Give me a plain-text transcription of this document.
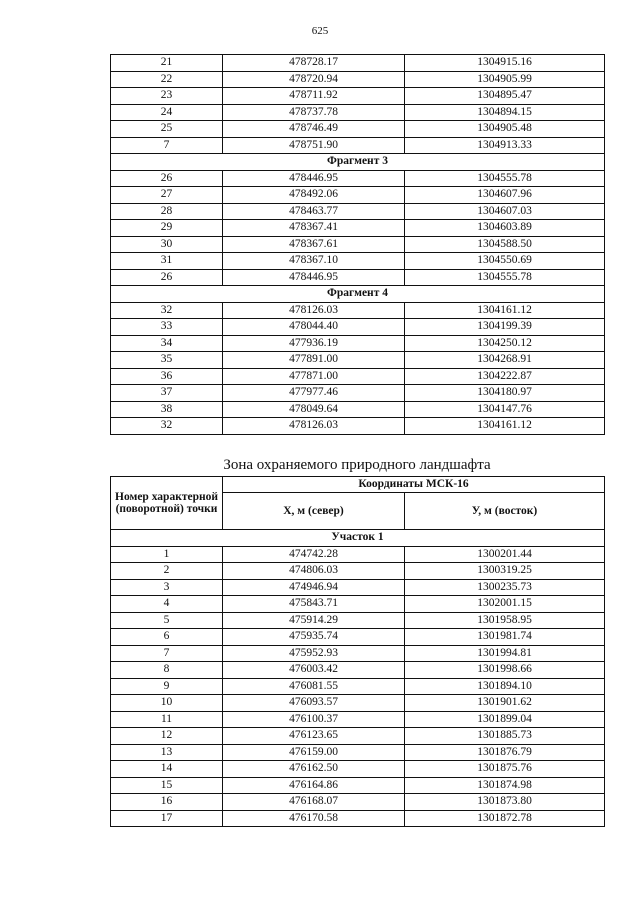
625
21	478728.17	1304915.16
22	478720.94	1304905.99
23	478711.92	1304895.47
24	478737.78	1304894.15
25	478746.49	1304905.48
7	478751.90	1304913.33
Фрагмент 3		
26	478446.95	1304555.78
27	478492.06	1304607.96
28	478463.77	1304607.03
29	478367.41	1304603.89
30	478367.61	1304588.50
31	478367.10	1304550.69
26	478446.95	1304555.78
Фрагмент 4		
32	478126.03	1304161.12
33	478044.40	1304199.39
34	477936.19	1304250.12
35	477891.00	1304268.91
36	477871.00	1304222.87
37	477977.46	1304180.97
38	478049.64	1304147.76
32	478126.03	1304161.12
Зона охраняемого природного ландшафта
Номер характерной (поворотной) точки	Координаты МСК-16	
	X, м (север)	У, м (восток)
Участок 1		
1	474742.28	1300201.44
2	474806.03	1300319.25
3	474946.94	1300235.73
4	475843.71	1302001.15
5	475914.29	1301958.95
6	475935.74	1301981.74
7	475952.93	1301994.81
8	476003.42	1301998.66
9	476081.55	1301894.10
10	476093.57	1301901.62
11	476100.37	1301899.04
12	476123.65	1301885.73
13	476159.00	1301876.79
14	476162.50	1301875.76
15	476164.86	1301874.98
16	476168.07	1301873.80
17	476170.58	1301872.78
